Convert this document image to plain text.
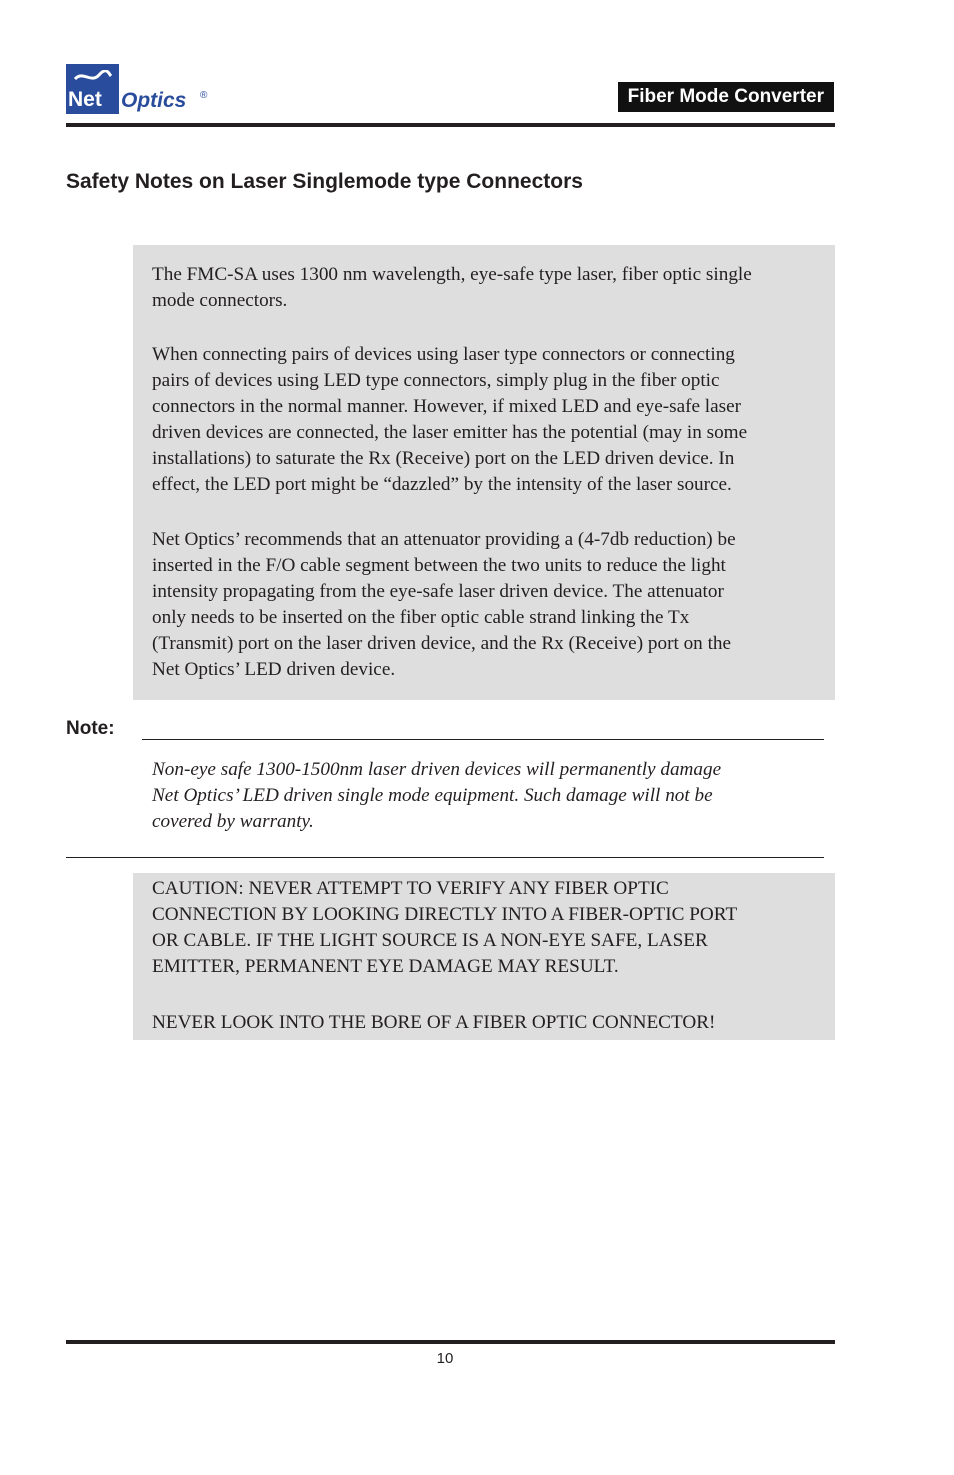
Net Optics ®	Fiber Mode Converter
Safety Notes on Laser Singlemode type Connectors

The FMC-SA uses 1300 nm wavelength, eye-safe type laser, fiber optic single
mode connectors.

When connecting pairs of devices using laser type connectors or connecting
pairs of devices using LED type connectors, simply plug in the fiber optic
connectors in the normal manner. However, if mixed LED and eye-safe laser
driven devices are connected, the laser emitter has the potential (may in some
installations) to saturate the Rx (Receive) port on the LED driven device. In
effect, the LED port might be “dazzled” by the intensity of the laser source.

Net Optics’ recommends that an attenuator providing a (4-7db reduction) be
inserted in the F/O cable segment between the two units to reduce the light
intensity propagating from the eye-safe laser driven device. The attenuator
only needs to be inserted on the fiber optic cable strand linking the Tx
(Transmit) port on the laser driven device, and the Rx (Receive) port on the
Net Optics’ LED driven device.

Note:

Non-eye safe 1300-1500nm laser driven devices will permanently damage
Net Optics’ LED driven single mode equipment. Such damage will not be
covered by warranty.

CAUTION: NEVER ATTEMPT TO VERIFY ANY FIBER OPTIC
CONNECTION BY LOOKING DIRECTLY INTO A FIBER-OPTIC PORT
OR CABLE. IF THE LIGHT SOURCE IS A NON-EYE SAFE, LASER
EMITTER, PERMANENT EYE DAMAGE MAY RESULT.

NEVER LOOK INTO THE BORE OF A FIBER OPTIC CONNECTOR!

10
